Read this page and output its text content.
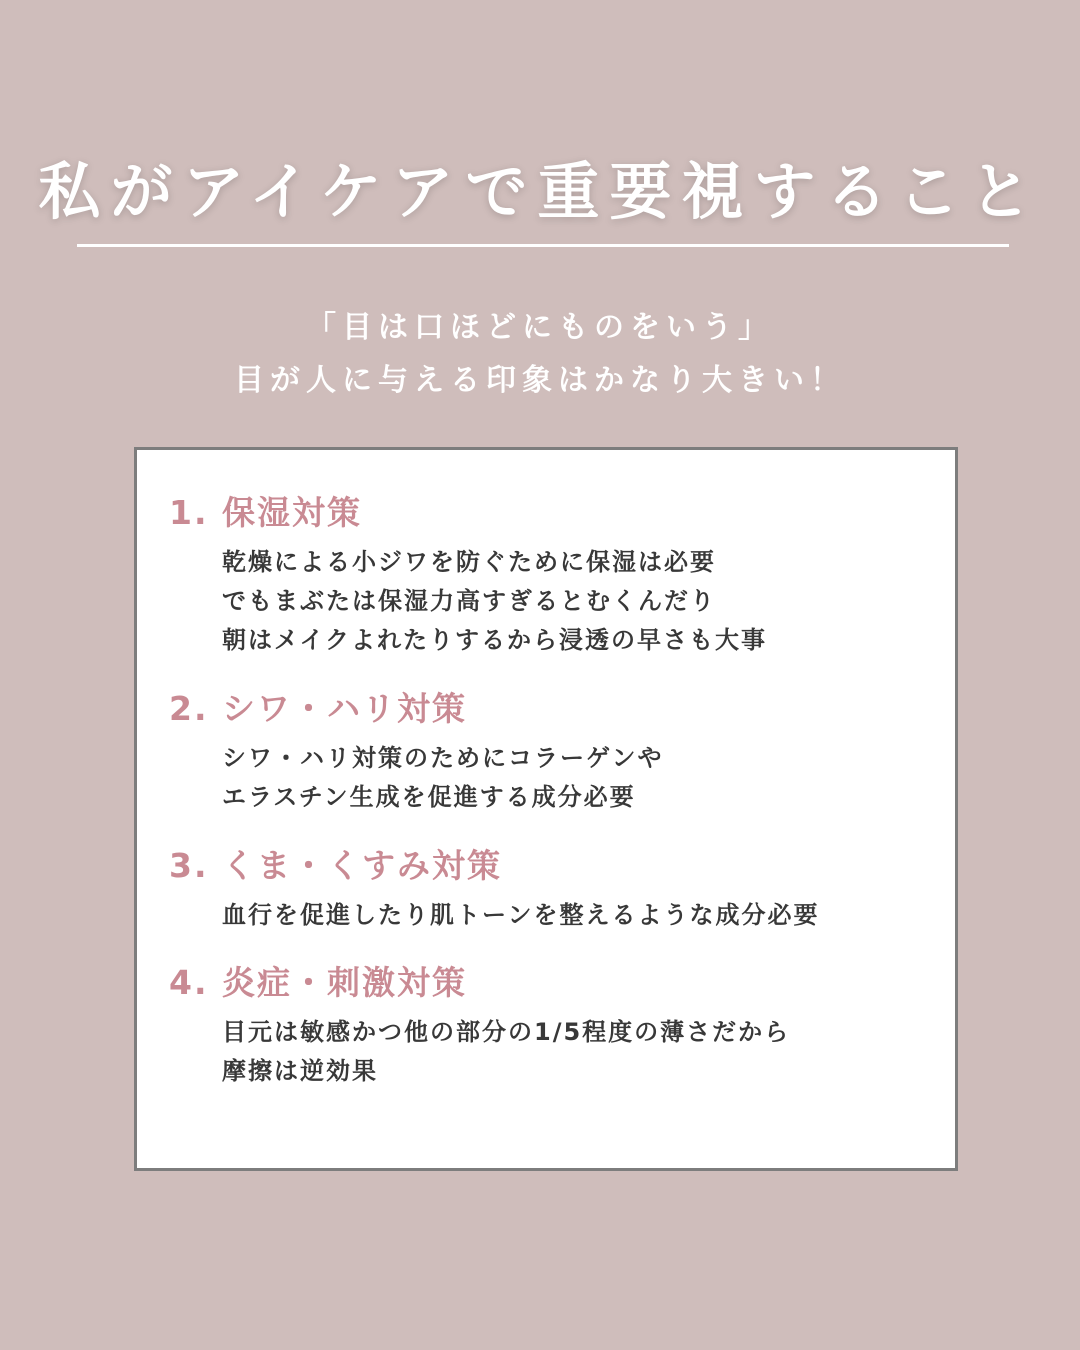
私がアイケアで重要視すること
「目は口ほどにものをいう」
目が人に与える印象はかなり大きい！
1. 保湿対策
乾燥による小ジワを防ぐために保湿は必要
でもまぶたは保湿力高すぎるとむくんだり
朝はメイクよれたりするから浸透の早さも大事
2. シワ・ハリ対策
シワ・ハリ対策のためにコラーゲンや
エラスチン生成を促進する成分必要
3. くま・くすみ対策
血行を促進したり肌トーンを整えるような成分必要
4. 炎症・刺激対策
目元は敏感かつ他の部分の1/5程度の薄さだから
摩擦は逆効果
